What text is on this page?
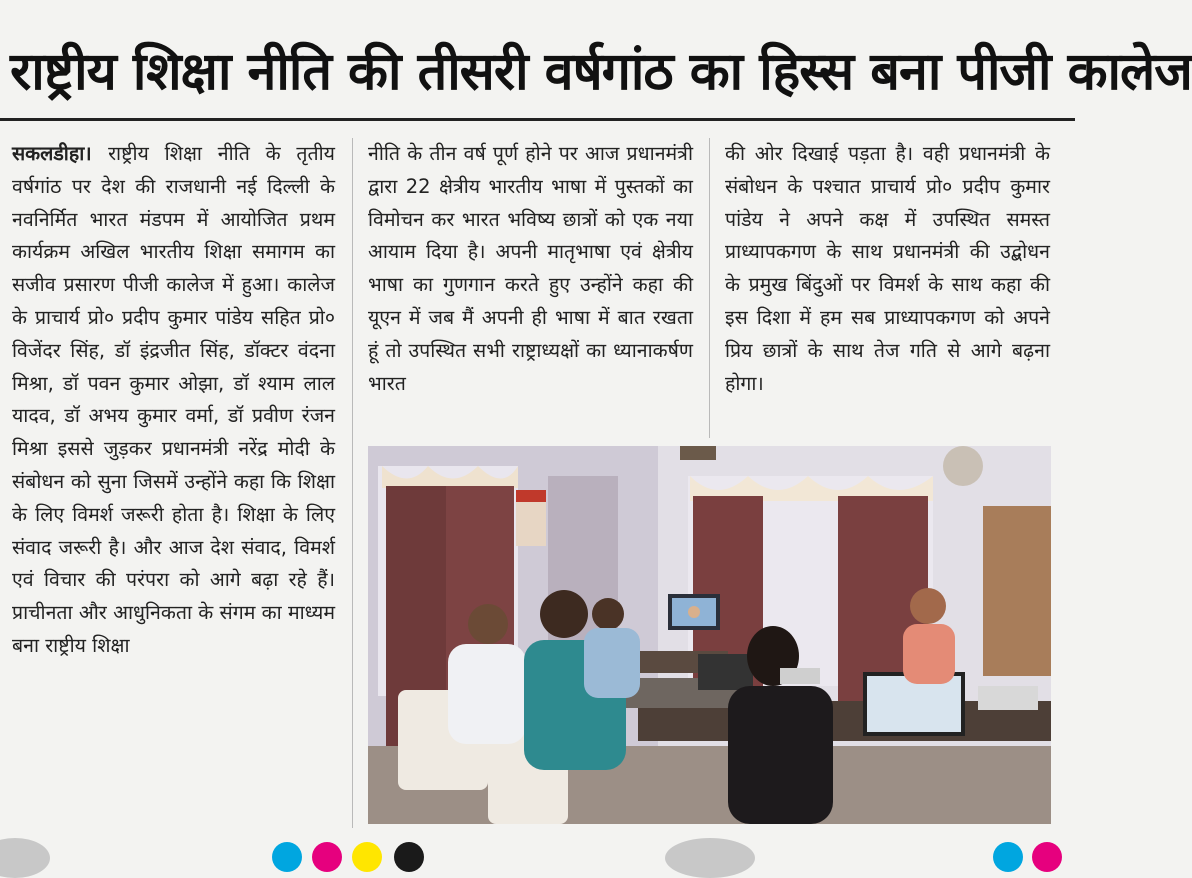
राष्ट्रीय शिक्षा नीति की तीसरी वर्षगांठ का हिस्स बना पीजी कालेज
सकलडीहा। राष्ट्रीय शिक्षा नीति के तृतीय वर्षगांठ पर देश की राजधानी नई दिल्ली के नवनिर्मित भारत मंडपम में आयोजित प्रथम कार्यक्रम अखिल भारतीय शिक्षा समागम का सजीव प्रसारण पीजी कालेज में हुआ। कालेज के प्राचार्य प्रो० प्रदीप कुमार पांडेय सहित प्रो० विजेंदर सिंह, डॉ इंद्रजीत सिंह, डॉक्टर वंदना मिश्रा, डॉ पवन कुमार ओझा, डॉ श्याम लाल यादव, डॉ अभय कुमार वर्मा, डॉ प्रवीण रंजन मिश्रा इससे जुड़कर प्रधानमंत्री नरेंद्र मोदी के संबोधन को सुना जिसमें उन्होंने कहा कि शिक्षा के लिए विमर्श जरूरी होता है। शिक्षा के लिए संवाद जरूरी है। और आज देश संवाद, विमर्श एवं विचार की परंपरा को आगे बढ़ा रहे हैं। प्राचीनता और आधुनिकता के संगम का माध्यम बना राष्ट्रीय शिक्षा
नीति के तीन वर्ष पूर्ण होने पर आज प्रधानमंत्री द्वारा 22 क्षेत्रीय भारतीय भाषा में पुस्तकों का विमोचन कर भारत भविष्य छात्रों को एक नया आयाम दिया है। अपनी मातृभाषा एवं क्षेत्रीय भाषा का गुणगान करते हुए उन्होंने कहा की यूएन में जब मैं अपनी ही भाषा में बात रखता हूं तो उपस्थित सभी राष्ट्राध्यक्षों का ध्यानाकर्षण भारत
की ओर दिखाई पड़ता है। वही प्रधानमंत्री के संबोधन के पश्चात प्राचार्य प्रो० प्रदीप कुमार पांडेय ने अपने कक्ष में उपस्थित समस्त प्राध्यापकगण के साथ प्रधानमंत्री की उद्बोधन के प्रमुख बिंदुओं पर विमर्श के साथ कहा की इस दिशा में हम सब प्राध्यापकगण को अपने प्रिय छात्रों के साथ तेज गति से आगे बढ़ना होगा।
